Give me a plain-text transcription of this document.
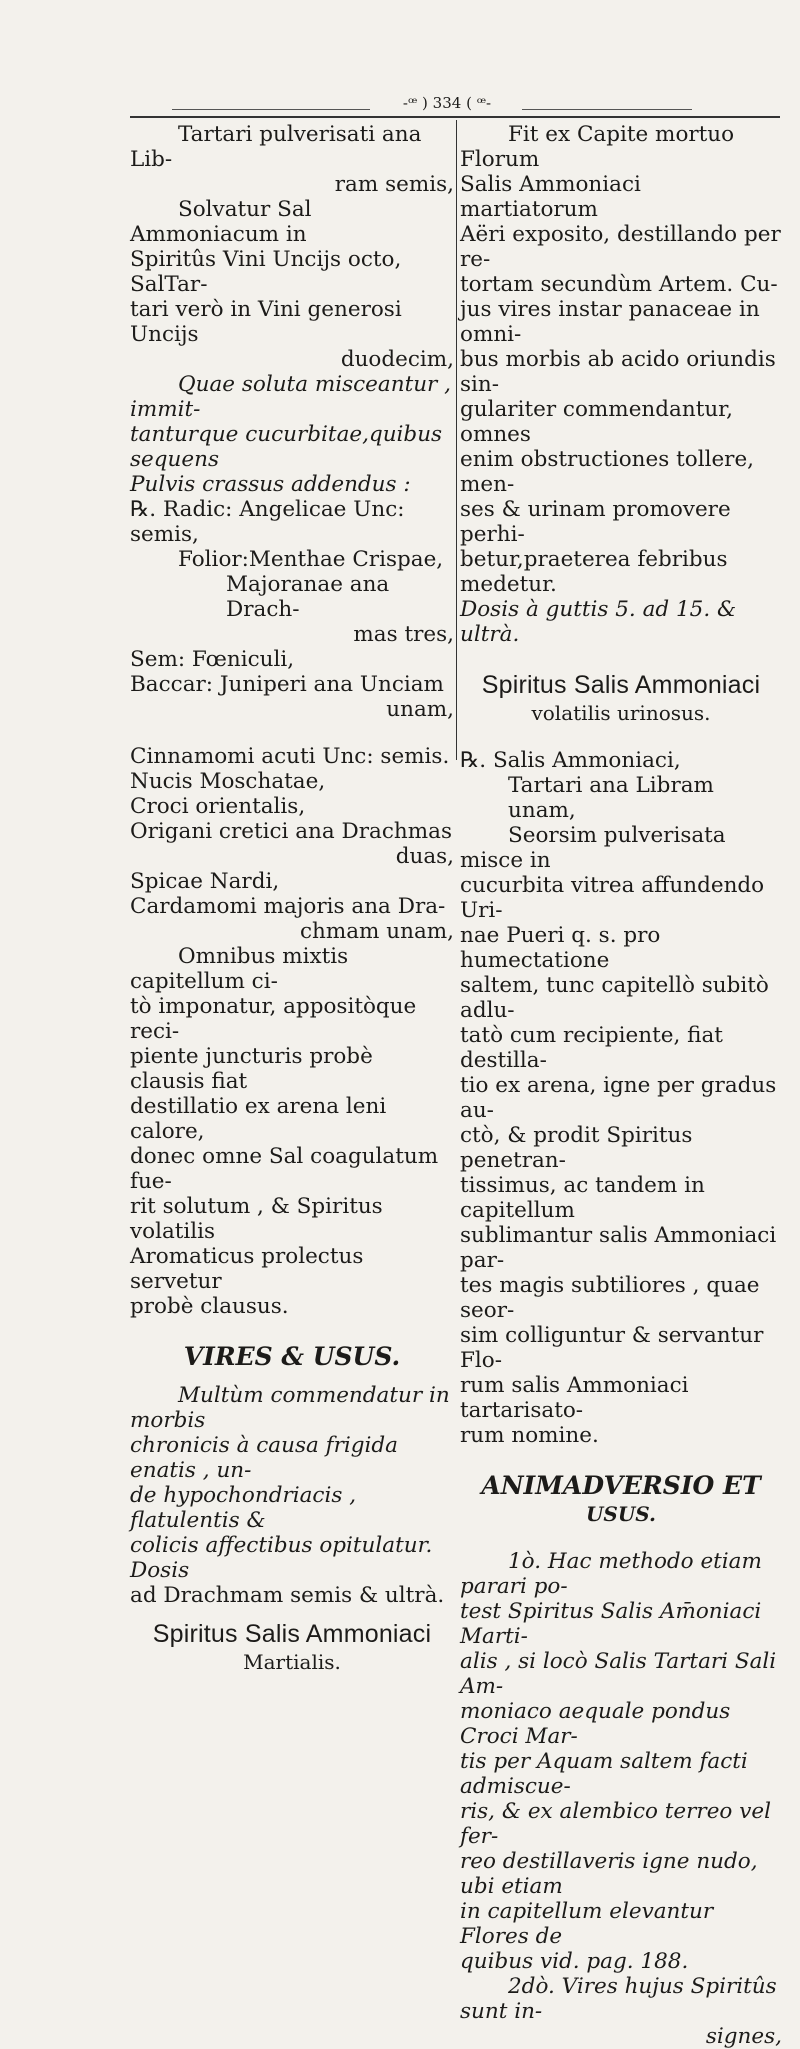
-ꟹ ) 334 ( ꟹ-

Tartari pulverisati ana Lib-

ram semis,

Solvatur Sal Ammoniacum in

Spiritûs Vini Uncijs octo, SalTar-

tari verò in Vini generosi Uncijs

duodecim,

Quae soluta misceantur , immit-

tanturque cucurbitae,quibus sequens

Pulvis crassus addendus :

℞. Radic: Angelicae Unc: semis,

Folior:Menthae Crispae,

Majoranae ana Drach-

mas tres,

Sem: Fœniculi,

Baccar: Juniperi ana Unciam

unam,

Cinnamomi acuti Unc: semis.

Nucis Moschatae,

Croci orientalis,

Origani cretici ana Drachmas

duas,

Spicae Nardi,

Cardamomi majoris ana Dra-

chmam unam,

Omnibus mixtis capitellum ci-

tò imponatur, appositòque reci-

piente juncturis probè clausis fiat

destillatio ex arena leni calore,

donec omne Sal coagulatum fue-

rit solutum , & Spiritus volatilis

Aromaticus prolectus servetur

probè clausus.

VIRES & USUS.

Multùm commendatur in morbis

chronicis à causa frigida enatis , un-

de hypochondriacis , flatulentis &

colicis affectibus opitulatur. Dosis

ad Drachmam semis & ultrà.

Spiritus Salis Ammoniaci

Martialis.

Fit ex Capite mortuo Florum

Salis Ammoniaci martiatorum

Aëri exposito, destillando per re-

tortam secundùm Artem. Cu-

jus vires instar panaceae in omni-

bus morbis ab acido oriundis sin-

gulariter commendantur, omnes

enim obstructiones tollere, men-

ses & urinam promovere perhi-

betur,praeterea febribus medetur.

Dosis à guttis 5. ad 15. & ultrà.

Spiritus Salis Ammoniaci

volatilis urinosus.

℞. Salis Ammoniaci,

Tartari ana Libram unam,

Seorsim pulverisata misce in

cucurbita vitrea affundendo Uri-

nae Pueri q. s. pro humectatione

saltem, tunc capitellò subitò adlu-

tatò cum recipiente, fiat destilla-

tio ex arena, igne per gradus au-

ctò, & prodit Spiritus penetran-

tissimus, ac tandem in capitellum

sublimantur salis Ammoniaci par-

tes magis subtiliores , quae seor-

sim colliguntur & servantur Flo-

rum salis Ammoniaci tartarisato-

rum nomine.

ANIMADVERSIO ET

USUS.

1ò. Hac methodo etiam parari po-

test Spiritus Salis Am̄oniaci Marti-

alis , si locò Salis Tartari Sali Am-

moniaco aequale pondus Croci Mar-

tis per Aquam saltem facti admiscue-

ris, & ex alembico terreo vel fer-

reo destillaveris igne nudo, ubi etiam

in capitellum elevantur Flores de

quibus vid. pag. 188.

2dò. Vires hujus Spiritûs sunt in-

signes,
